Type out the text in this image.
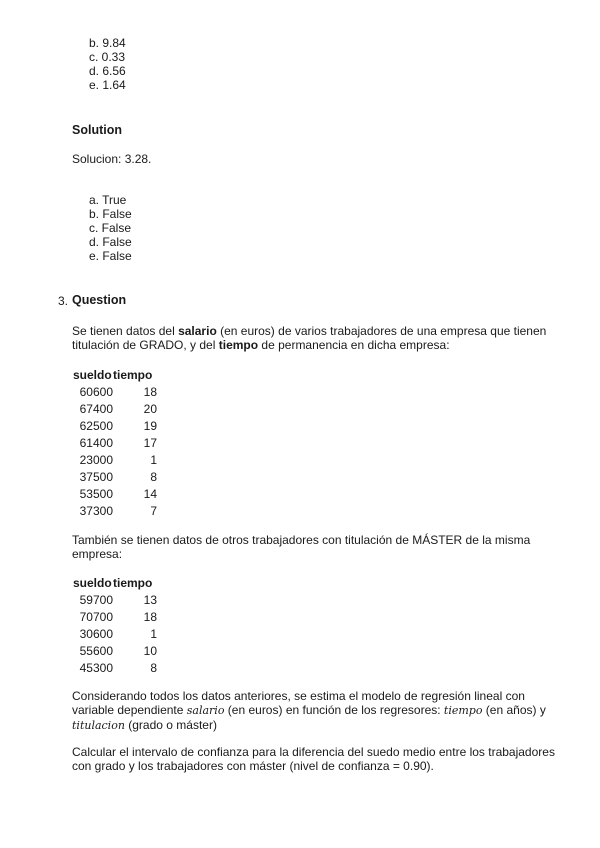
b. 9.84
c. 0.33
d. 6.56
e. 1.64
Solution
Solucion: 3.28.
a. True
b. False
c. False
d. False
e. False
3. Question
Se tienen datos del salario (en euros) de varios trabajadores de una empresa que tienen titulación de GRADO, y del tiempo de permanencia en dicha empresa:
sueldo	tiempo
60600	18
67400	20
62500	19
61400	17
23000	1
37500	8
53500	14
37300	7
También se tienen datos de otros trabajadores con titulación de MÁSTER de la misma empresa:
sueldo	tiempo
59700	13
70700	18
30600	1
55600	10
45300	8
Considerando todos los datos anteriores, se estima el modelo de regresión lineal con variable dependiente salario (en euros) en función de los regresores: tiempo (en años) y titulacion (grado o máster)
Calcular el intervalo de confianza para la diferencia del suedo medio entre los trabajadores con grado y los trabajadores con máster (nivel de confianza = 0.90).
